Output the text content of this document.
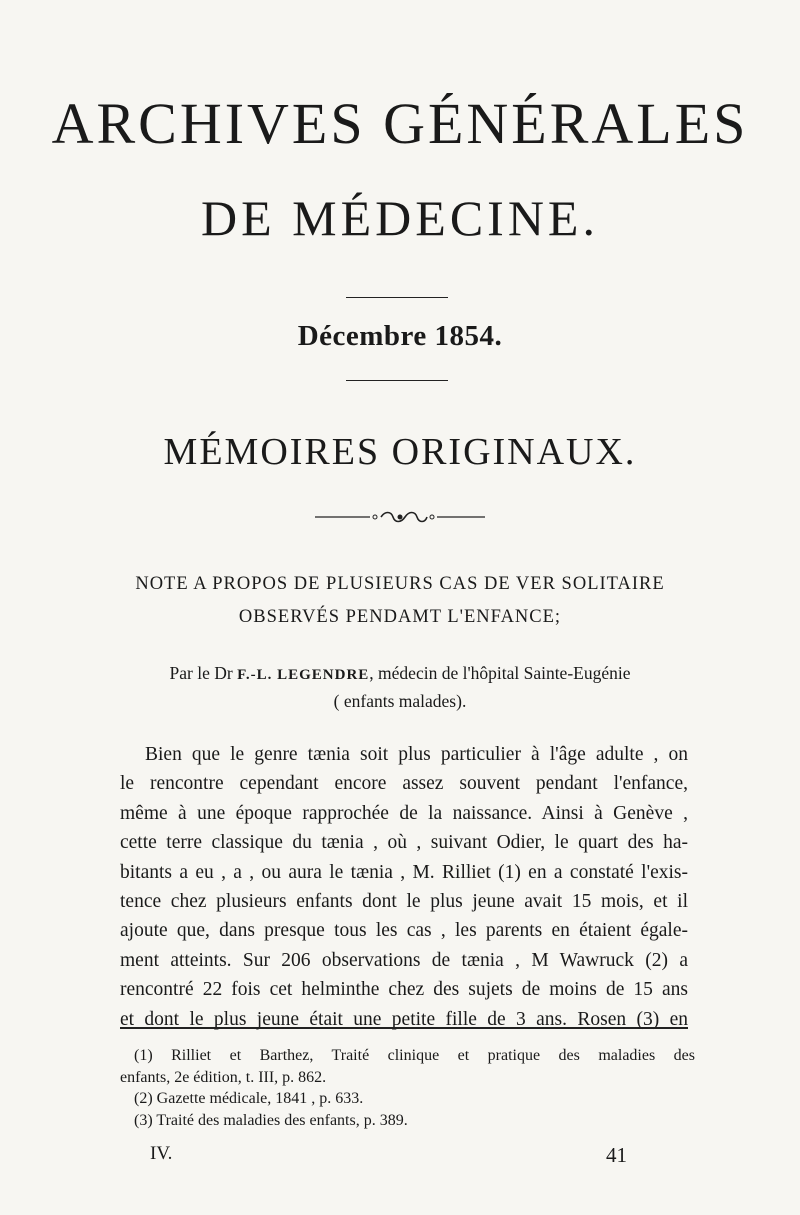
ARCHIVES GÉNÉRALES
DE MÉDECINE.
Décembre 1854.
MÉMOIRES ORIGINAUX.
NOTE A PROPOS DE PLUSIEURS CAS DE VER SOLITAIRE
OBSERVÉS PENDAMT L'ENFANCE;
Par le Dr F.-L. LEGENDRE, médecin de l'hôpital Sainte-Eugénie
( enfants malades).
Bien que le genre tænia soit plus particulier à l'âge adulte , on
le rencontre cependant encore assez souvent pendant l'enfance,
même à une époque rapprochée de la naissance. Ainsi à Genève ,
cette terre classique du tænia , où , suivant Odier, le quart des ha-
bitants a eu , a , ou aura le tænia , M. Rilliet (1) en a constaté l'exis-
tence chez plusieurs enfants dont le plus jeune avait 15 mois, et il
ajoute que, dans presque tous les cas , les parents en étaient égale-
ment atteints. Sur 206 observations de tænia , M Wawruck (2) a
rencontré 22 fois cet helminthe chez des sujets de moins de 15 ans
et dont le plus jeune était une petite fille de 3 ans. Rosen (3) en
(1) Rilliet et Barthez, Traité clinique et pratique des maladies des
enfants, 2e édition, t. III, p. 862.
(2) Gazette médicale, 1841 , p. 633.
(3) Traité des maladies des enfants, p. 389.
IV.	41
